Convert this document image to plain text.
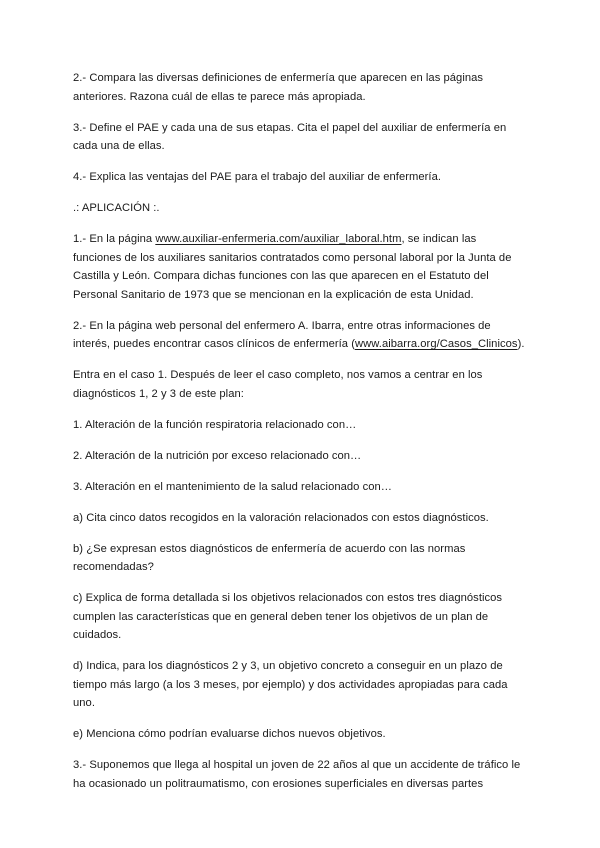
2.- Compara las diversas definiciones de enfermería que aparecen en las páginas anteriores. Razona cuál de ellas te parece más apropiada.

3.- Define el PAE y cada una de sus etapas. Cita el papel del auxiliar de enfermería en cada una de ellas.

4.- Explica las ventajas del PAE para el trabajo del auxiliar de enfermería.

.: APLICACIÓN :.

1.- En la página www.auxiliar-enfermeria.com/auxiliar_laboral.htm, se indican las funciones de los auxiliares sanitarios contratados como personal laboral por la Junta de Castilla y León. Compara dichas funciones con las que aparecen en el Estatuto del Personal Sanitario de 1973 que se mencionan en la explicación de esta Unidad.

2.- En la página web personal del enfermero A. Ibarra, entre otras informaciones de interés, puedes encontrar casos clínicos de enfermería (www.aibarra.org/Casos_Clinicos).

Entra en el caso 1. Después de leer el caso completo, nos vamos a centrar en los diagnósticos 1, 2 y 3 de este plan:

1. Alteración de la función respiratoria relacionado con…

2. Alteración de la nutrición por exceso relacionado con…

3. Alteración en el mantenimiento de la salud relacionado con…

a) Cita cinco datos recogidos en la valoración relacionados con estos diagnósticos.

b) ¿Se expresan estos diagnósticos de enfermería de acuerdo con las normas recomendadas?

c) Explica de forma detallada si los objetivos relacionados con estos tres diagnósticos cumplen las características que en general deben tener los objetivos de un plan de cuidados.

d) Indica, para los diagnósticos 2 y 3, un objetivo concreto a conseguir en un plazo de tiempo más largo (a los 3 meses, por ejemplo) y dos actividades apropiadas para cada uno.

e) Menciona cómo podrían evaluarse dichos nuevos objetivos.

3.- Suponemos que llega al hospital un joven de 22 años al que un accidente de tráfico le ha ocasionado un politraumatismo, con erosiones superficiales en diversas partes
